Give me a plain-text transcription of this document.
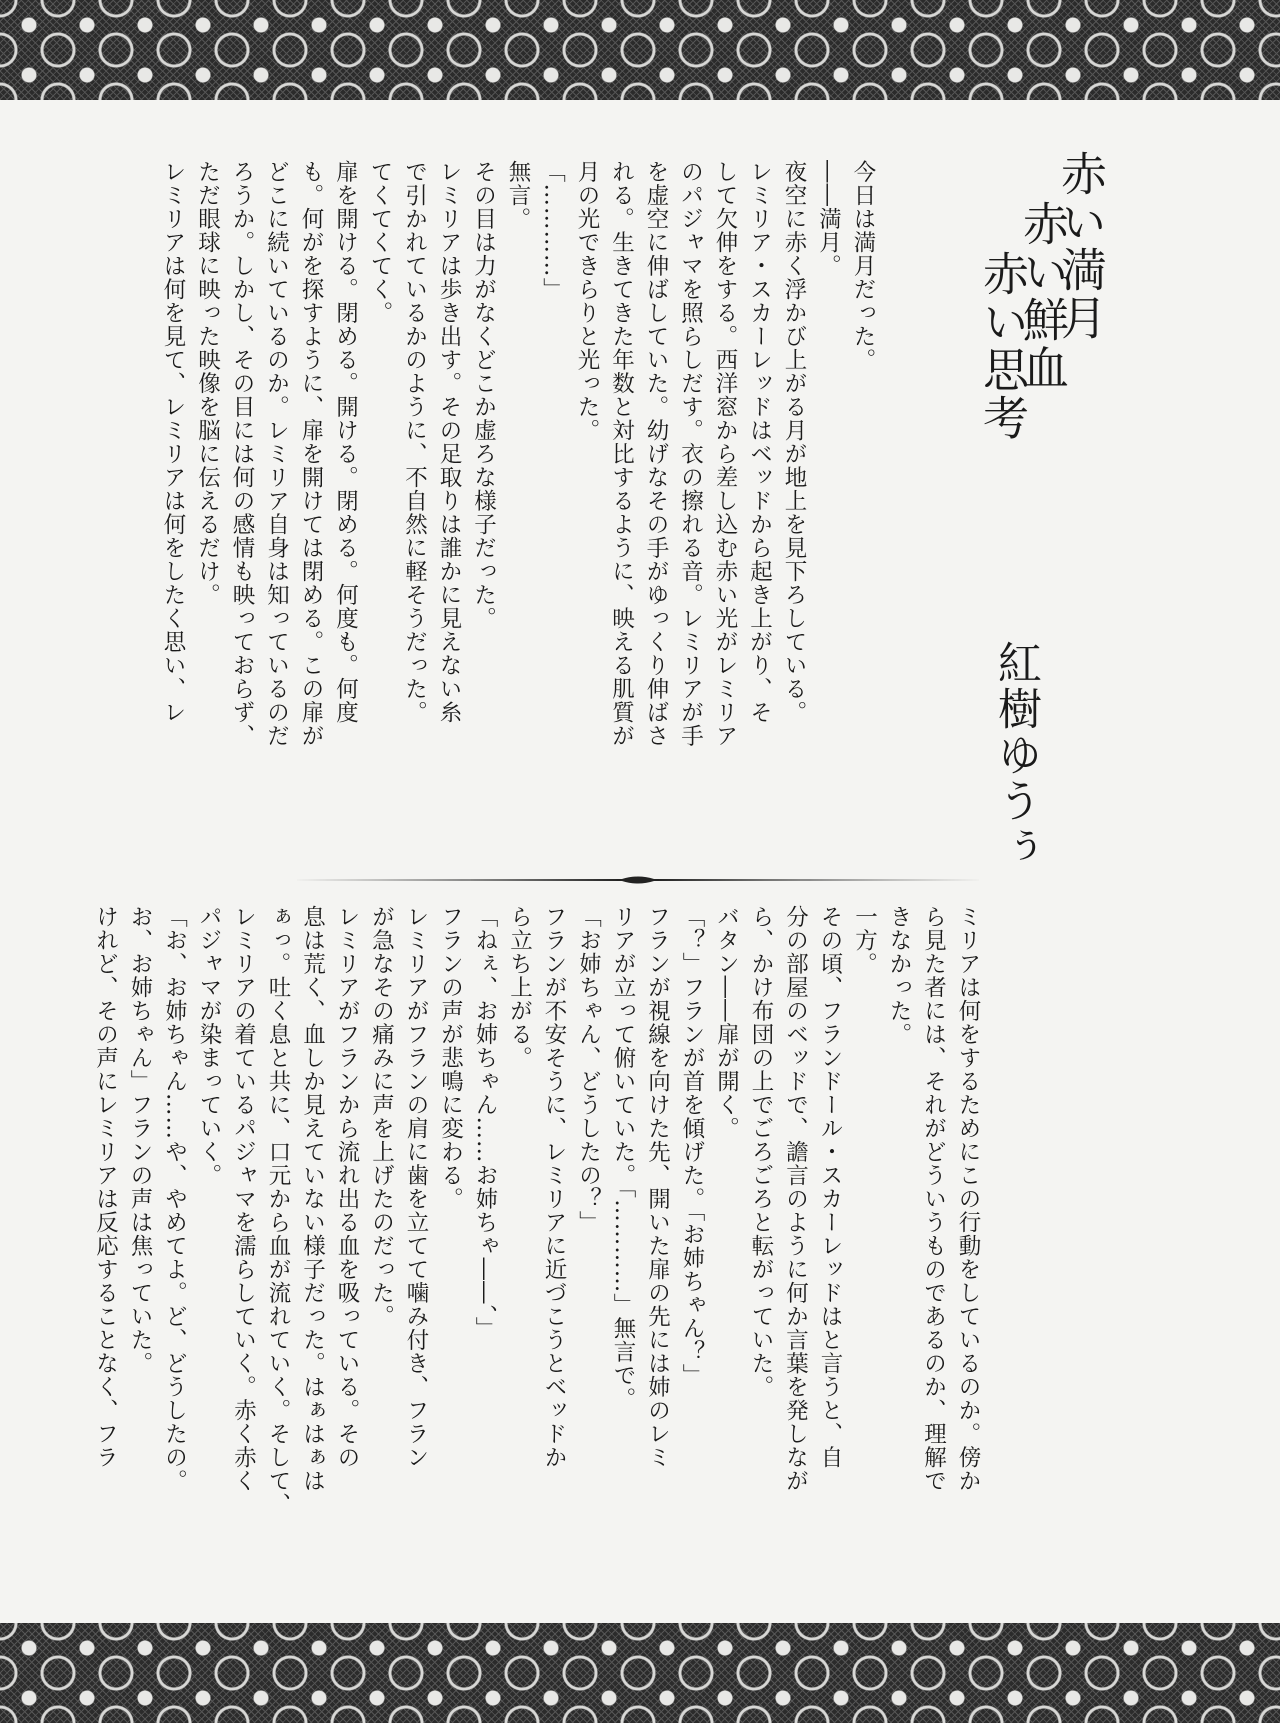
赤い満月
赤い鮮血
赤い思考
紅樹ゆうぅ

今日は満月だった。

――満月。

夜空に赤く浮かび上がる月が地上を見下ろしている。

レミリア・スカーレッドはベッドから起き上がり、そ

して欠伸をする。西洋窓から差し込む赤い光がレミリア

のパジャマを照らしだす。衣の擦れる音。レミリアが手

を虚空に伸ばしていた。幼げなその手がゆっくり伸ばさ

れる。生きてきた年数と対比するように、映える肌質が

月の光できらりと光った。

「…………」

無言。

その目は力がなくどこか虚ろな様子だった。

レミリアは歩き出す。その足取りは誰かに見えない糸

で引かれているかのように、不自然に軽そうだった。

てくてくてく。

扉を開ける。閉める。開ける。閉める。何度も。何度

も。何がを探すように、扉を開けては閉める。この扉が

どこに続いているのか。レミリア自身は知っているのだ

ろうか。しかし、その目には何の感情も映っておらず、

ただ眼球に映った映像を脳に伝えるだけ。

レミリアは何を見て、レミリアは何をしたく思い、レ

ミリアは何をするためにこの行動をしているのか。傍か

ら見た者には、それがどういうものであるのか、理解で

きなかった。

一方。

その頃、フランドール・スカーレッドはと言うと、自

分の部屋のベッドで、譫言のように何か言葉を発しなが

ら、かけ布団の上でごろごろと転がっていた。

バタン――扉が開く。

「？」フランが首を傾げた。「お姉ちゃん？」

フランが視線を向けた先、開いた扉の先には姉のレミ

リアが立って俯いていた。「…………」無言で。

「お姉ちゃん、どうしたの？」

フランが不安そうに、レミリアに近づこうとベッドか

ら立ち上がる。

「ねぇ、お姉ちゃん……お姉ちゃ――、」

フランの声が悲鳴に変わる。

レミリアがフランの肩に歯を立てて噛み付き、フラン

が急なその痛みに声を上げたのだった。

レミリアがフランから流れ出る血を吸っている。その

息は荒く、血しか見えていない様子だった。はぁはぁは

ぁっ。吐く息と共に、口元から血が流れていく。そして、

レミリアの着ているパジャマを濡らしていく。赤く赤く

パジャマが染まっていく。

「お、お姉ちゃん……や、やめてよ。ど、どうしたの。

お、お姉ちゃん」フランの声は焦っていた。

けれど、その声にレミリアは反応することなく、フラ
